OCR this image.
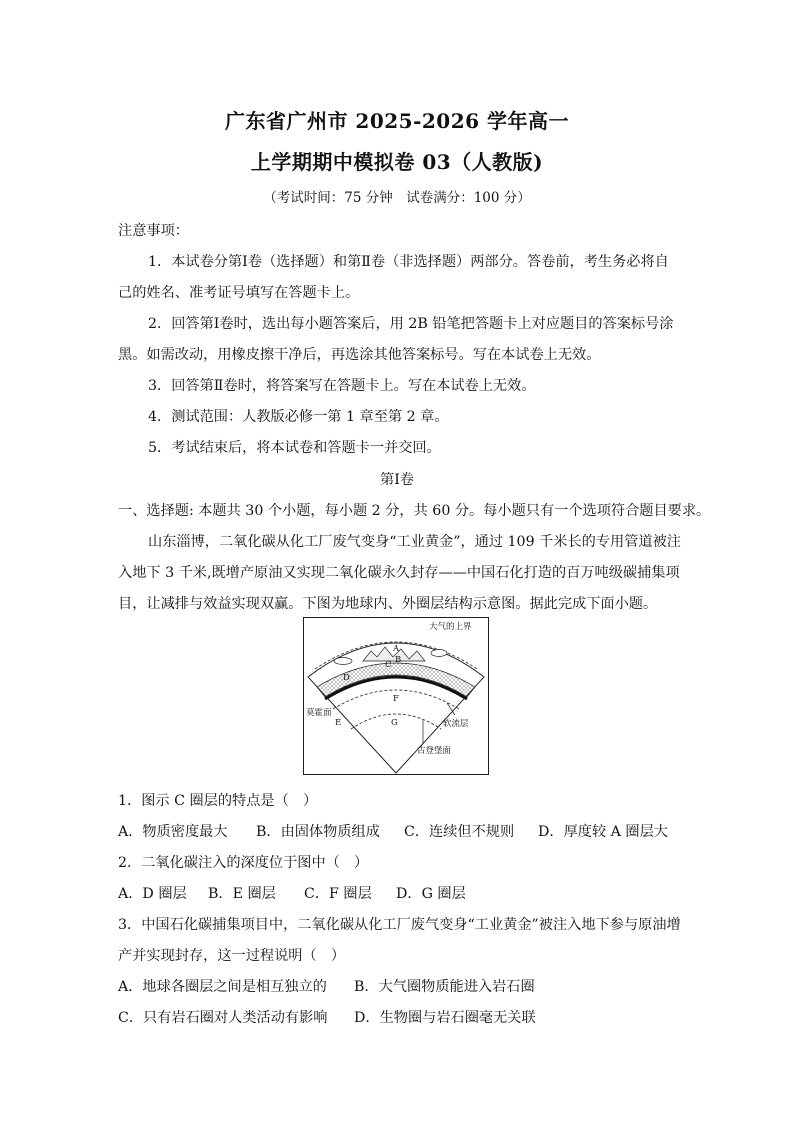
广东省广州市 2025-2026 学年高一
上学期期中模拟卷 03（人教版)
（考试时间：75 分钟　试卷满分：100 分）
注意事项：
1．本试卷分第Ⅰ卷（选择题）和第Ⅱ卷（非选择题）两部分。答卷前，考生务必将自
己的姓名、准考证号填写在答题卡上。
2．回答第Ⅰ卷时，选出每小题答案后，用 2B 铅笔把答题卡上对应题目的答案标号涂
黑。如需改动，用橡皮擦干净后，再选涂其他答案标号。写在本试卷上无效。
3．回答第Ⅱ卷时，将答案写在答题卡上。写在本试卷上无效。
4．测试范围：人教版必修一第 1 章至第 2 章。
5．考试结束后，将本试卷和答题卡一并交回。
第Ⅰ卷
一、选择题: 本题共 30 个小题，每小题 2 分，共 60 分。每小题只有一个选项符合题目要求。
山东淄博，二氧化碳从化工厂废气变身“工业黄金”，通过 109 千米长的专用管道被注
入地下 3 千米,既增产原油又实现二氧化碳永久封存——中国石化打造的百万吨级碳捕集项
目，让减排与效益实现双赢。下图为地球内、外圈层结构示意图。据此完成下面小题。
大气的上界
A
B
C
D
F
莫霍面
E	G	软流层
古登堡面
1．图示 C 圈层的特点是（　）
A．物质密度最大 B．由固体物质组成 C．连续但不规则 D．厚度较 A 圈层大
2．二氧化碳注入的深度位于图中（　）
A．D 圈层 B．E 圈层 C．F 圈层 D．G 圈层
3．中国石化碳捕集项目中，二氧化碳从化工厂废气变身“工业黄金”被注入地下参与原油增
产并实现封存，这一过程说明（　）
A．地球各圈层之间是相互独立的 B．大气圈物质能进入岩石圈
C．只有岩石圈对人类活动有影响 D．生物圈与岩石圈毫无关联
